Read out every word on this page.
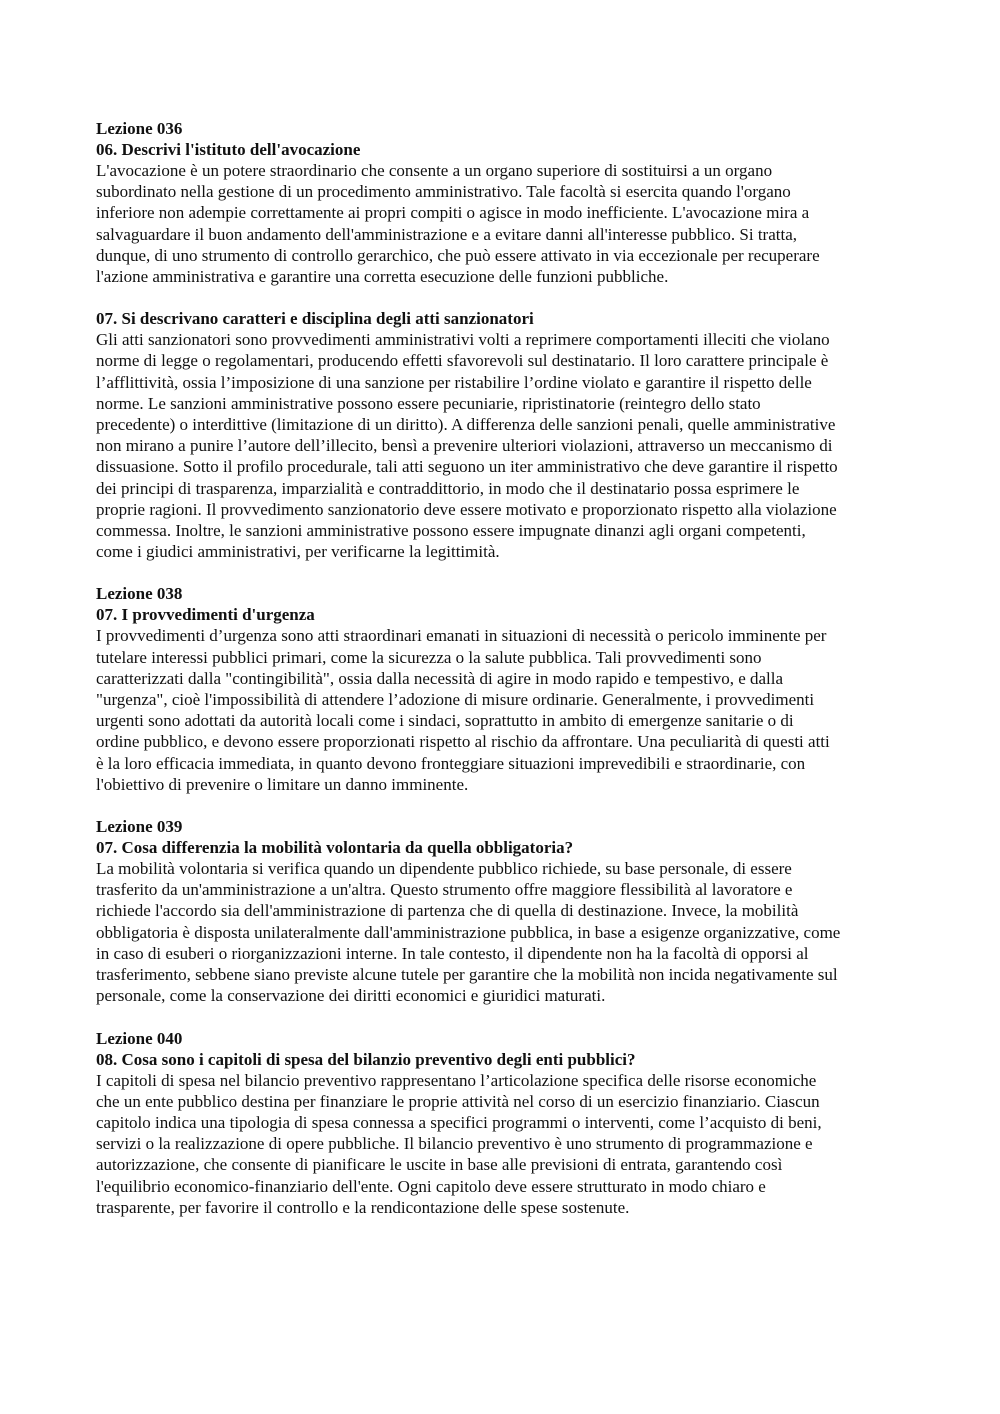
Lezione 036

06. Descrivi l'istituto dell'avocazione

L'avocazione è un potere straordinario che consente a un organo superiore di sostituirsi a un organo
subordinato nella gestione di un procedimento amministrativo. Tale facoltà si esercita quando l'organo
inferiore non adempie correttamente ai propri compiti o agisce in modo inefficiente. L'avocazione mira a
salvaguardare il buon andamento dell'amministrazione e a evitare danni all'interesse pubblico. Si tratta,
dunque, di uno strumento di controllo gerarchico, che può essere attivato in via eccezionale per recuperare
l'azione amministrativa e garantire una corretta esecuzione delle funzioni pubbliche.

07. Si descrivano caratteri e disciplina degli atti sanzionatori

Gli atti sanzionatori sono provvedimenti amministrativi volti a reprimere comportamenti illeciti che violano
norme di legge o regolamentari, producendo effetti sfavorevoli sul destinatario. Il loro carattere principale è
l’afflittività, ossia l’imposizione di una sanzione per ristabilire l’ordine violato e garantire il rispetto delle
norme. Le sanzioni amministrative possono essere pecuniarie, ripristinatorie (reintegro dello stato
precedente) o interdittive (limitazione di un diritto). A differenza delle sanzioni penali, quelle amministrative
non mirano a punire l’autore dell’illecito, bensì a prevenire ulteriori violazioni, attraverso un meccanismo di
dissuasione. Sotto il profilo procedurale, tali atti seguono un iter amministrativo che deve garantire il rispetto
dei principi di trasparenza, imparzialità e contraddittorio, in modo che il destinatario possa esprimere le
proprie ragioni. Il provvedimento sanzionatorio deve essere motivato e proporzionato rispetto alla violazione
commessa. Inoltre, le sanzioni amministrative possono essere impugnate dinanzi agli organi competenti,
come i giudici amministrativi, per verificarne la legittimità.

Lezione 038

07. I provvedimenti d'urgenza

I provvedimenti d’urgenza sono atti straordinari emanati in situazioni di necessità o pericolo imminente per
tutelare interessi pubblici primari, come la sicurezza o la salute pubblica. Tali provvedimenti sono
caratterizzati dalla "contingibilità", ossia dalla necessità di agire in modo rapido e tempestivo, e dalla
"urgenza", cioè l'impossibilità di attendere l’adozione di misure ordinarie. Generalmente, i provvedimenti
urgenti sono adottati da autorità locali come i sindaci, soprattutto in ambito di emergenze sanitarie o di
ordine pubblico, e devono essere proporzionati rispetto al rischio da affrontare. Una peculiarità di questi atti
è la loro efficacia immediata, in quanto devono fronteggiare situazioni imprevedibili e straordinarie, con
l'obiettivo di prevenire o limitare un danno imminente.

Lezione 039

07. Cosa differenzia la mobilità volontaria da quella obbligatoria?

La mobilità volontaria si verifica quando un dipendente pubblico richiede, su base personale, di essere
trasferito da un'amministrazione a un'altra. Questo strumento offre maggiore flessibilità al lavoratore e
richiede l'accordo sia dell'amministrazione di partenza che di quella di destinazione. Invece, la mobilità
obbligatoria è disposta unilateralmente dall'amministrazione pubblica, in base a esigenze organizzative, come
in caso di esuberi o riorganizzazioni interne. In tale contesto, il dipendente non ha la facoltà di opporsi al
trasferimento, sebbene siano previste alcune tutele per garantire che la mobilità non incida negativamente sul
personale, come la conservazione dei diritti economici e giuridici maturati.

Lezione 040

08. Cosa sono i capitoli di spesa del bilanzio preventivo degli enti pubblici?

I capitoli di spesa nel bilancio preventivo rappresentano l’articolazione specifica delle risorse economiche
che un ente pubblico destina per finanziare le proprie attività nel corso di un esercizio finanziario. Ciascun
capitolo indica una tipologia di spesa connessa a specifici programmi o interventi, come l’acquisto di beni,
servizi o la realizzazione di opere pubbliche. Il bilancio preventivo è uno strumento di programmazione e
autorizzazione, che consente di pianificare le uscite in base alle previsioni di entrata, garantendo così
l'equilibrio economico-finanziario dell'ente. Ogni capitolo deve essere strutturato in modo chiaro e
trasparente, per favorire il controllo e la rendicontazione delle spese sostenute.
